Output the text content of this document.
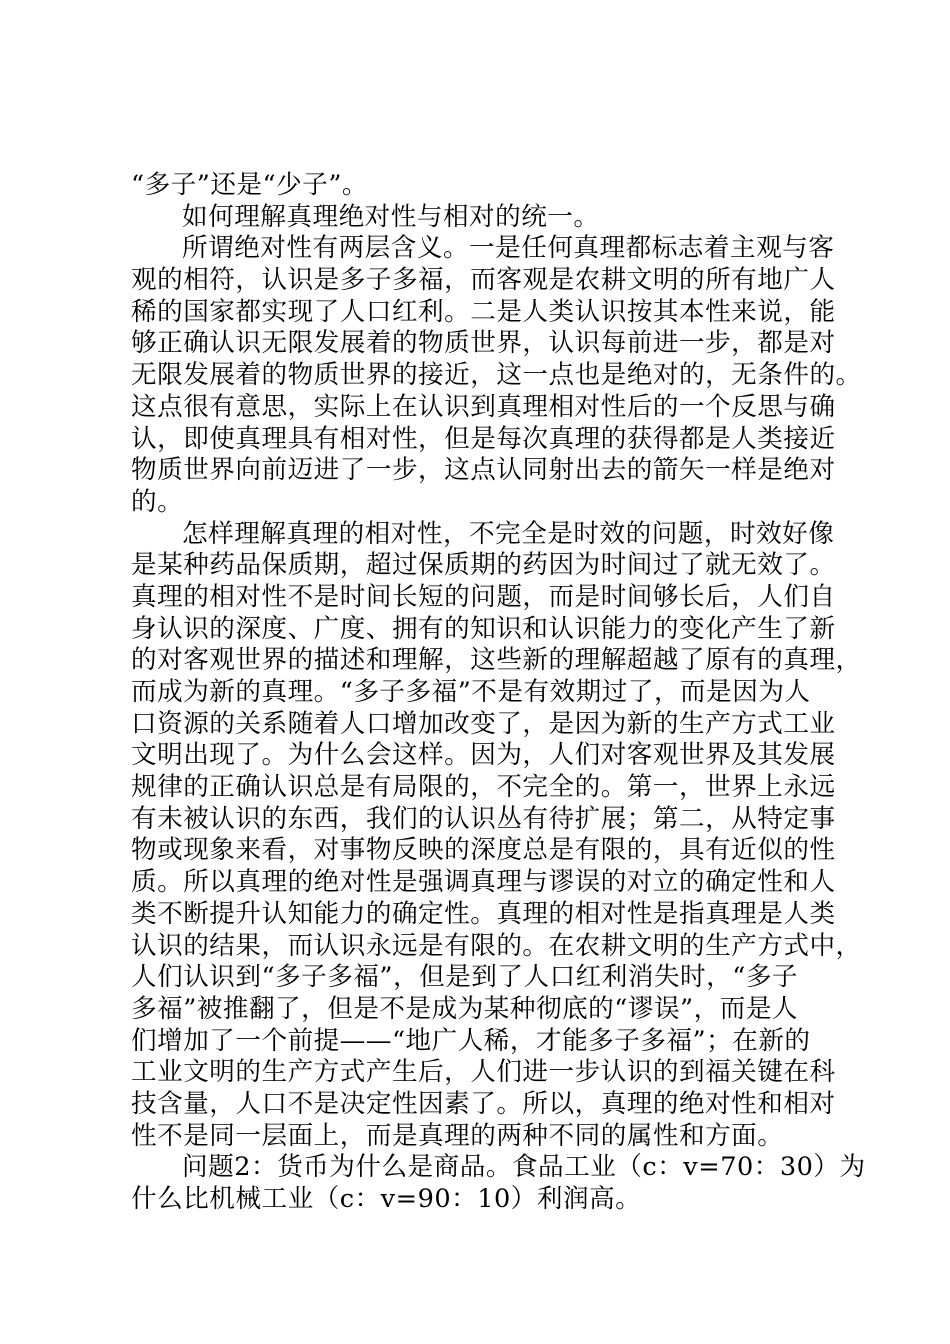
“多子”还是“少子”。
如何理解真理绝对性与相对的统一。
所谓绝对性有两层含义。一是任何真理都标志着主观与客
观的相符，认识是多子多福，而客观是农耕文明的所有地广人
稀的国家都实现了人口红利。二是人类认识按其本性来说，能
够正确认识无限发展着的物质世界，认识每前进一步，都是对
无限发展着的物质世界的接近，这一点也是绝对的，无条件的。
这点很有意思，实际上在认识到真理相对性后的一个反思与确
认，即使真理具有相对性，但是每次真理的获得都是人类接近
物质世界向前迈进了一步，这点认同射出去的箭矢一样是绝对
的。
怎样理解真理的相对性，不完全是时效的问题，时效好像
是某种药品保质期，超过保质期的药因为时间过了就无效了。
真理的相对性不是时间长短的问题，而是时间够长后，人们自
身认识的深度、广度、拥有的知识和认识能力的变化产生了新
的对客观世界的描述和理解，这些新的理解超越了原有的真理，
而成为新的真理。“多子多福”不是有效期过了，而是因为人
口资源的关系随着人口增加改变了，是因为新的生产方式工业
文明出现了。为什么会这样。因为，人们对客观世界及其发展
规律的正确认识总是有局限的，不完全的。第一，世界上永远
有未被认识的东西，我们的认识丛有待扩展；第二，从特定事
物或现象来看，对事物反映的深度总是有限的，具有近似的性
质。所以真理的绝对性是强调真理与谬误的对立的确定性和人
类不断提升认知能力的确定性。真理的相对性是指真理是人类
认识的结果，而认识永远是有限的。在农耕文明的生产方式中，
人们认识到“多子多福”，但是到了人口红利消失时，“多子
多福”被推翻了，但是不是成为某种彻底的“谬误”，而是人
们增加了一个前提——“地广人稀，才能多子多福”；在新的
工业文明的生产方式产生后，人们进一步认识的到福关键在科
技含量，人口不是决定性因素了。所以，真理的绝对性和相对
性不是同一层面上，而是真理的两种不同的属性和方面。
问题2：货币为什么是商品。食品工业（c：v=70：30）为
什么比机械工业（c：v=90：10）利润高。
